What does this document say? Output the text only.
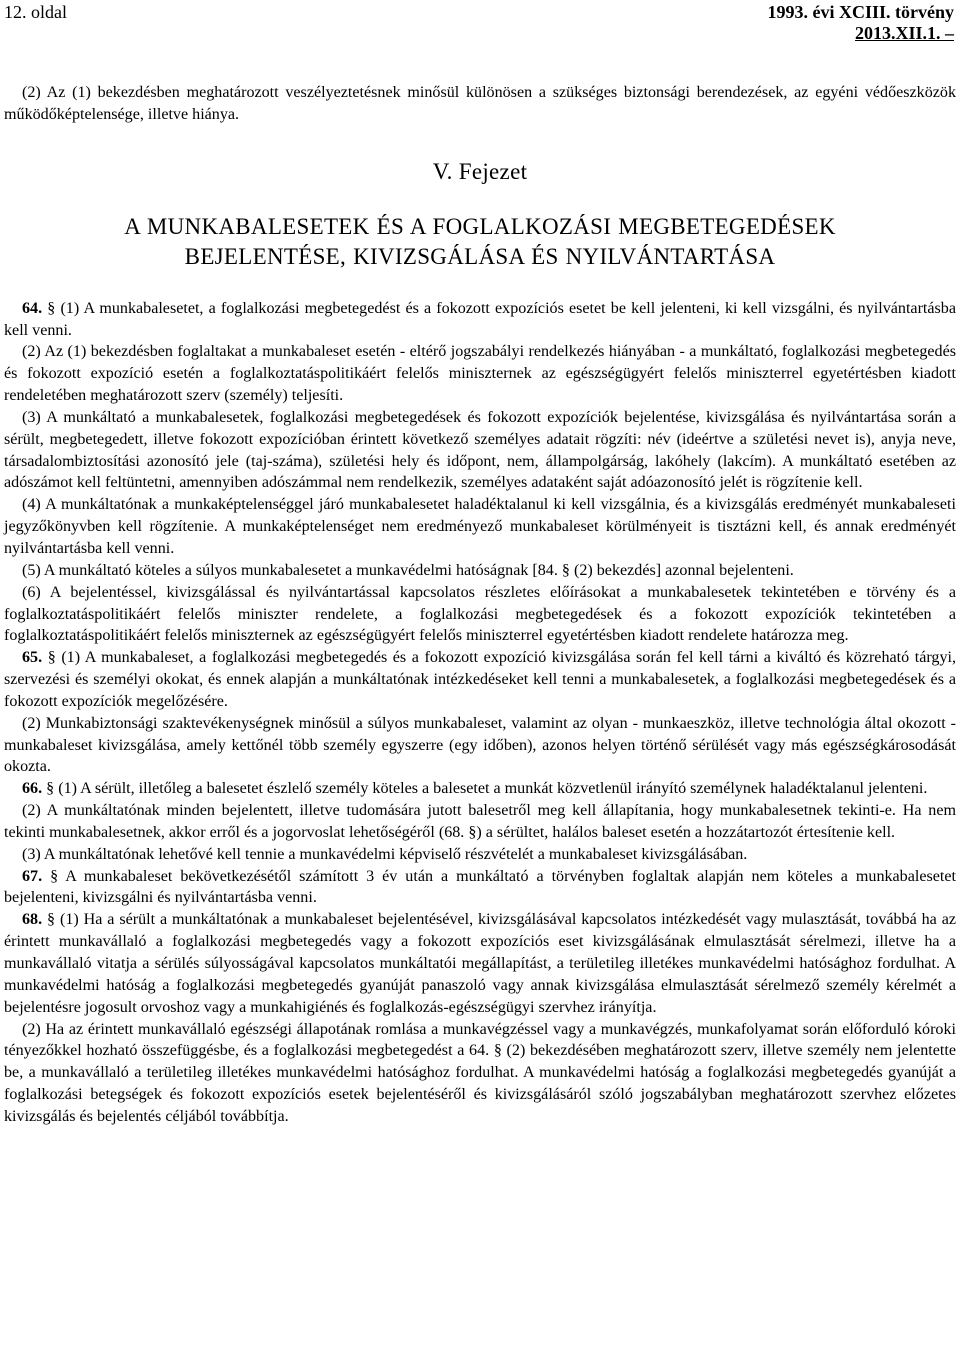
12. oldal	1993. évi XCIII. törvény
2013.XII.1. –

(2) Az (1) bekezdésben meghatározott veszélyeztetésnek minősül különösen a szükséges biztonsági berendezések, az egyéni védőeszközök működőképtelensége, illetve hiánya.

V. Fejezet
A MUNKABALESETEK ÉS A FOGLALKOZÁSI MEGBETEGEDÉSEK
BEJELENTÉSE, KIVIZSGÁLÁSA ÉS NYILVÁNTARTÁSA

64. § (1) A munkabalesetet, a foglalkozási megbetegedést és a fokozott expozíciós esetet be kell jelenteni, ki kell vizsgálni, és nyilvántartásba kell venni.

(2) Az (1) bekezdésben foglaltakat a munkabaleset esetén - eltérő jogszabályi rendelkezés hiányában - a munkáltató, foglalkozási megbetegedés és fokozott expozíció esetén a foglalkoztatáspolitikáért felelős miniszternek az egészségügyért felelős miniszterrel egyetértésben kiadott rendeletében meghatározott szerv (személy) teljesíti.

(3) A munkáltató a munkabalesetek, foglalkozási megbetegedések és fokozott expozíciók bejelentése, kivizsgálása és nyilvántartása során a sérült, megbetegedett, illetve fokozott expozícióban érintett következő személyes adatait rögzíti: név (ideértve a születési nevet is), anyja neve, társadalombiztosítási azonosító jele (taj-száma), születési hely és időpont, nem, állampolgárság, lakóhely (lakcím). A munkáltató esetében az adószámot kell feltüntetni, amennyiben adószámmal nem rendelkezik, személyes adataként saját adóazonosító jelét is rögzítenie kell.

(4) A munkáltatónak a munkaképtelenséggel járó munkabalesetet haladéktalanul ki kell vizsgálnia, és a kivizsgálás eredményét munkabaleseti jegyzőkönyvben kell rögzítenie. A munkaképtelenséget nem eredményező munkabaleset körülményeit is tisztázni kell, és annak eredményét nyilvántartásba kell venni.

(5) A munkáltató köteles a súlyos munkabalesetet a munkavédelmi hatóságnak [84. § (2) bekezdés] azonnal bejelenteni.

(6) A bejelentéssel, kivizsgálással és nyilvántartással kapcsolatos részletes előírásokat a munkabalesetek tekintetében e törvény és a foglalkoztatáspolitikáért felelős miniszter rendelete, a foglalkozási megbetegedések és a fokozott expozíciók tekintetében a foglalkoztatáspolitikáért felelős miniszternek az egészségügyért felelős miniszterrel egyetértésben kiadott rendelete határozza meg.

65. § (1) A munkabaleset, a foglalkozási megbetegedés és a fokozott expozíció kivizsgálása során fel kell tárni a kiváltó és közreható tárgyi, szervezési és személyi okokat, és ennek alapján a munkáltatónak intézkedéseket kell tenni a munkabalesetek, a foglalkozási megbetegedések és a fokozott expozíciók megelőzésére.

(2) Munkabiztonsági szaktevékenységnek minősül a súlyos munkabaleset, valamint az olyan - munkaeszköz, illetve technológia által okozott - munkabaleset kivizsgálása, amely kettőnél több személy egyszerre (egy időben), azonos helyen történő sérülését vagy más egészségkárosodását okozta.

66. § (1) A sérült, illetőleg a balesetet észlelő személy köteles a balesetet a munkát közvetlenül irányító személynek haladéktalanul jelenteni.

(2) A munkáltatónak minden bejelentett, illetve tudomására jutott balesetről meg kell állapítania, hogy munkabalesetnek tekinti-e. Ha nem tekinti munkabalesetnek, akkor erről és a jogorvoslat lehetőségéről (68. §) a sérültet, halálos baleset esetén a hozzátartozót értesítenie kell.

(3) A munkáltatónak lehetővé kell tennie a munkavédelmi képviselő részvételét a munkabaleset kivizsgálásában.

67. § A munkabaleset bekövetkezésétől számított 3 év után a munkáltató a törvényben foglaltak alapján nem köteles a munkabalesetet bejelenteni, kivizsgálni és nyilvántartásba venni.

68. § (1) Ha a sérült a munkáltatónak a munkabaleset bejelentésével, kivizsgálásával kapcsolatos intézkedését vagy mulasztását, továbbá ha az érintett munkavállaló a foglalkozási megbetegedés vagy a fokozott expozíciós eset kivizsgálásának elmulasztását sérelmezi, illetve ha a munkavállaló vitatja a sérülés súlyosságával kapcsolatos munkáltatói megállapítást, a területileg illetékes munkavédelmi hatósághoz fordulhat. A munkavédelmi hatóság a foglalkozási megbetegedés gyanúját panaszoló vagy annak kivizsgálása elmulasztását sérelmező személy kérelmét a bejelentésre jogosult orvoshoz vagy a munkahigiénés és foglalkozás-egészségügyi szervhez irányítja.

(2) Ha az érintett munkavállaló egészségi állapotának romlása a munkavégzéssel vagy a munkavégzés, munkafolyamat során előforduló kóroki tényezőkkel hozható összefüggésbe, és a foglalkozási megbetegedést a 64. § (2) bekezdésében meghatározott szerv, illetve személy nem jelentette be, a munkavállaló a területileg illetékes munkavédelmi hatósághoz fordulhat. A munkavédelmi hatóság a foglalkozási megbetegedés gyanúját a foglalkozási betegségek és fokozott expozíciós esetek bejelentéséről és kivizsgálásáról szóló jogszabályban meghatározott szervhez előzetes kivizsgálás és bejelentés céljából továbbítja.
